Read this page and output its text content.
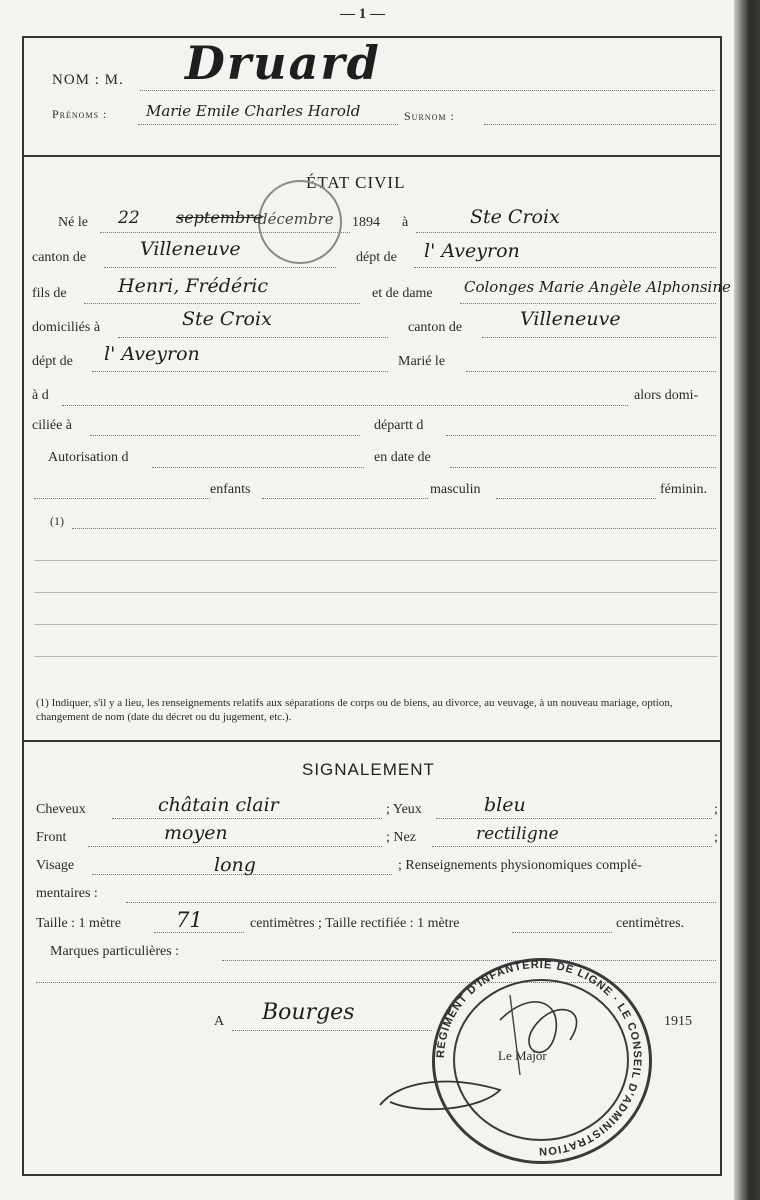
— 1 —
NOM : M. Druard
Prénoms :	Marie Emile Charles Harold	Surnom :
ÉTAT CIVIL
Né le 22 septembre
décembre 1894 à	Ste Croix
canton de	Villeneuve	dépt de l' Aveyron
fils de	Henri, Frédéric	et de dame Colonges Marie Angèle Alphonsine
domiciliés à	Ste Croix	canton de	Villeneuve
dépt de l' Aveyron	Marié le
à d	alors domi-
ciliée à	départt d
Autorisation d	en date de
enfants	masculin	féminin.
(1)
(1) Indiquer, s'il y a lieu, les renseignements relatifs aux séparations de corps ou de biens, au divorce, au veuvage, à un nouveau mariage, option, changement de nom (date du décret ou du jugement, etc.).
SIGNALEMENT
Cheveux	châtain clair	; Yeux	bleu	;
Front	moyen	; Nez	rectiligne	;
Visage	long	; Renseignements physionomiques complé-
mentaires :
Taille : 1 mètre	71	centimètres ; Taille rectifiée : 1 mètre	centimètres.
Marques particulières :
A Bourges	1915
Le Major
RÉGIMENT D'INFANTERIE DE LIGNE · LE CONSEIL D'ADMINISTRATION
